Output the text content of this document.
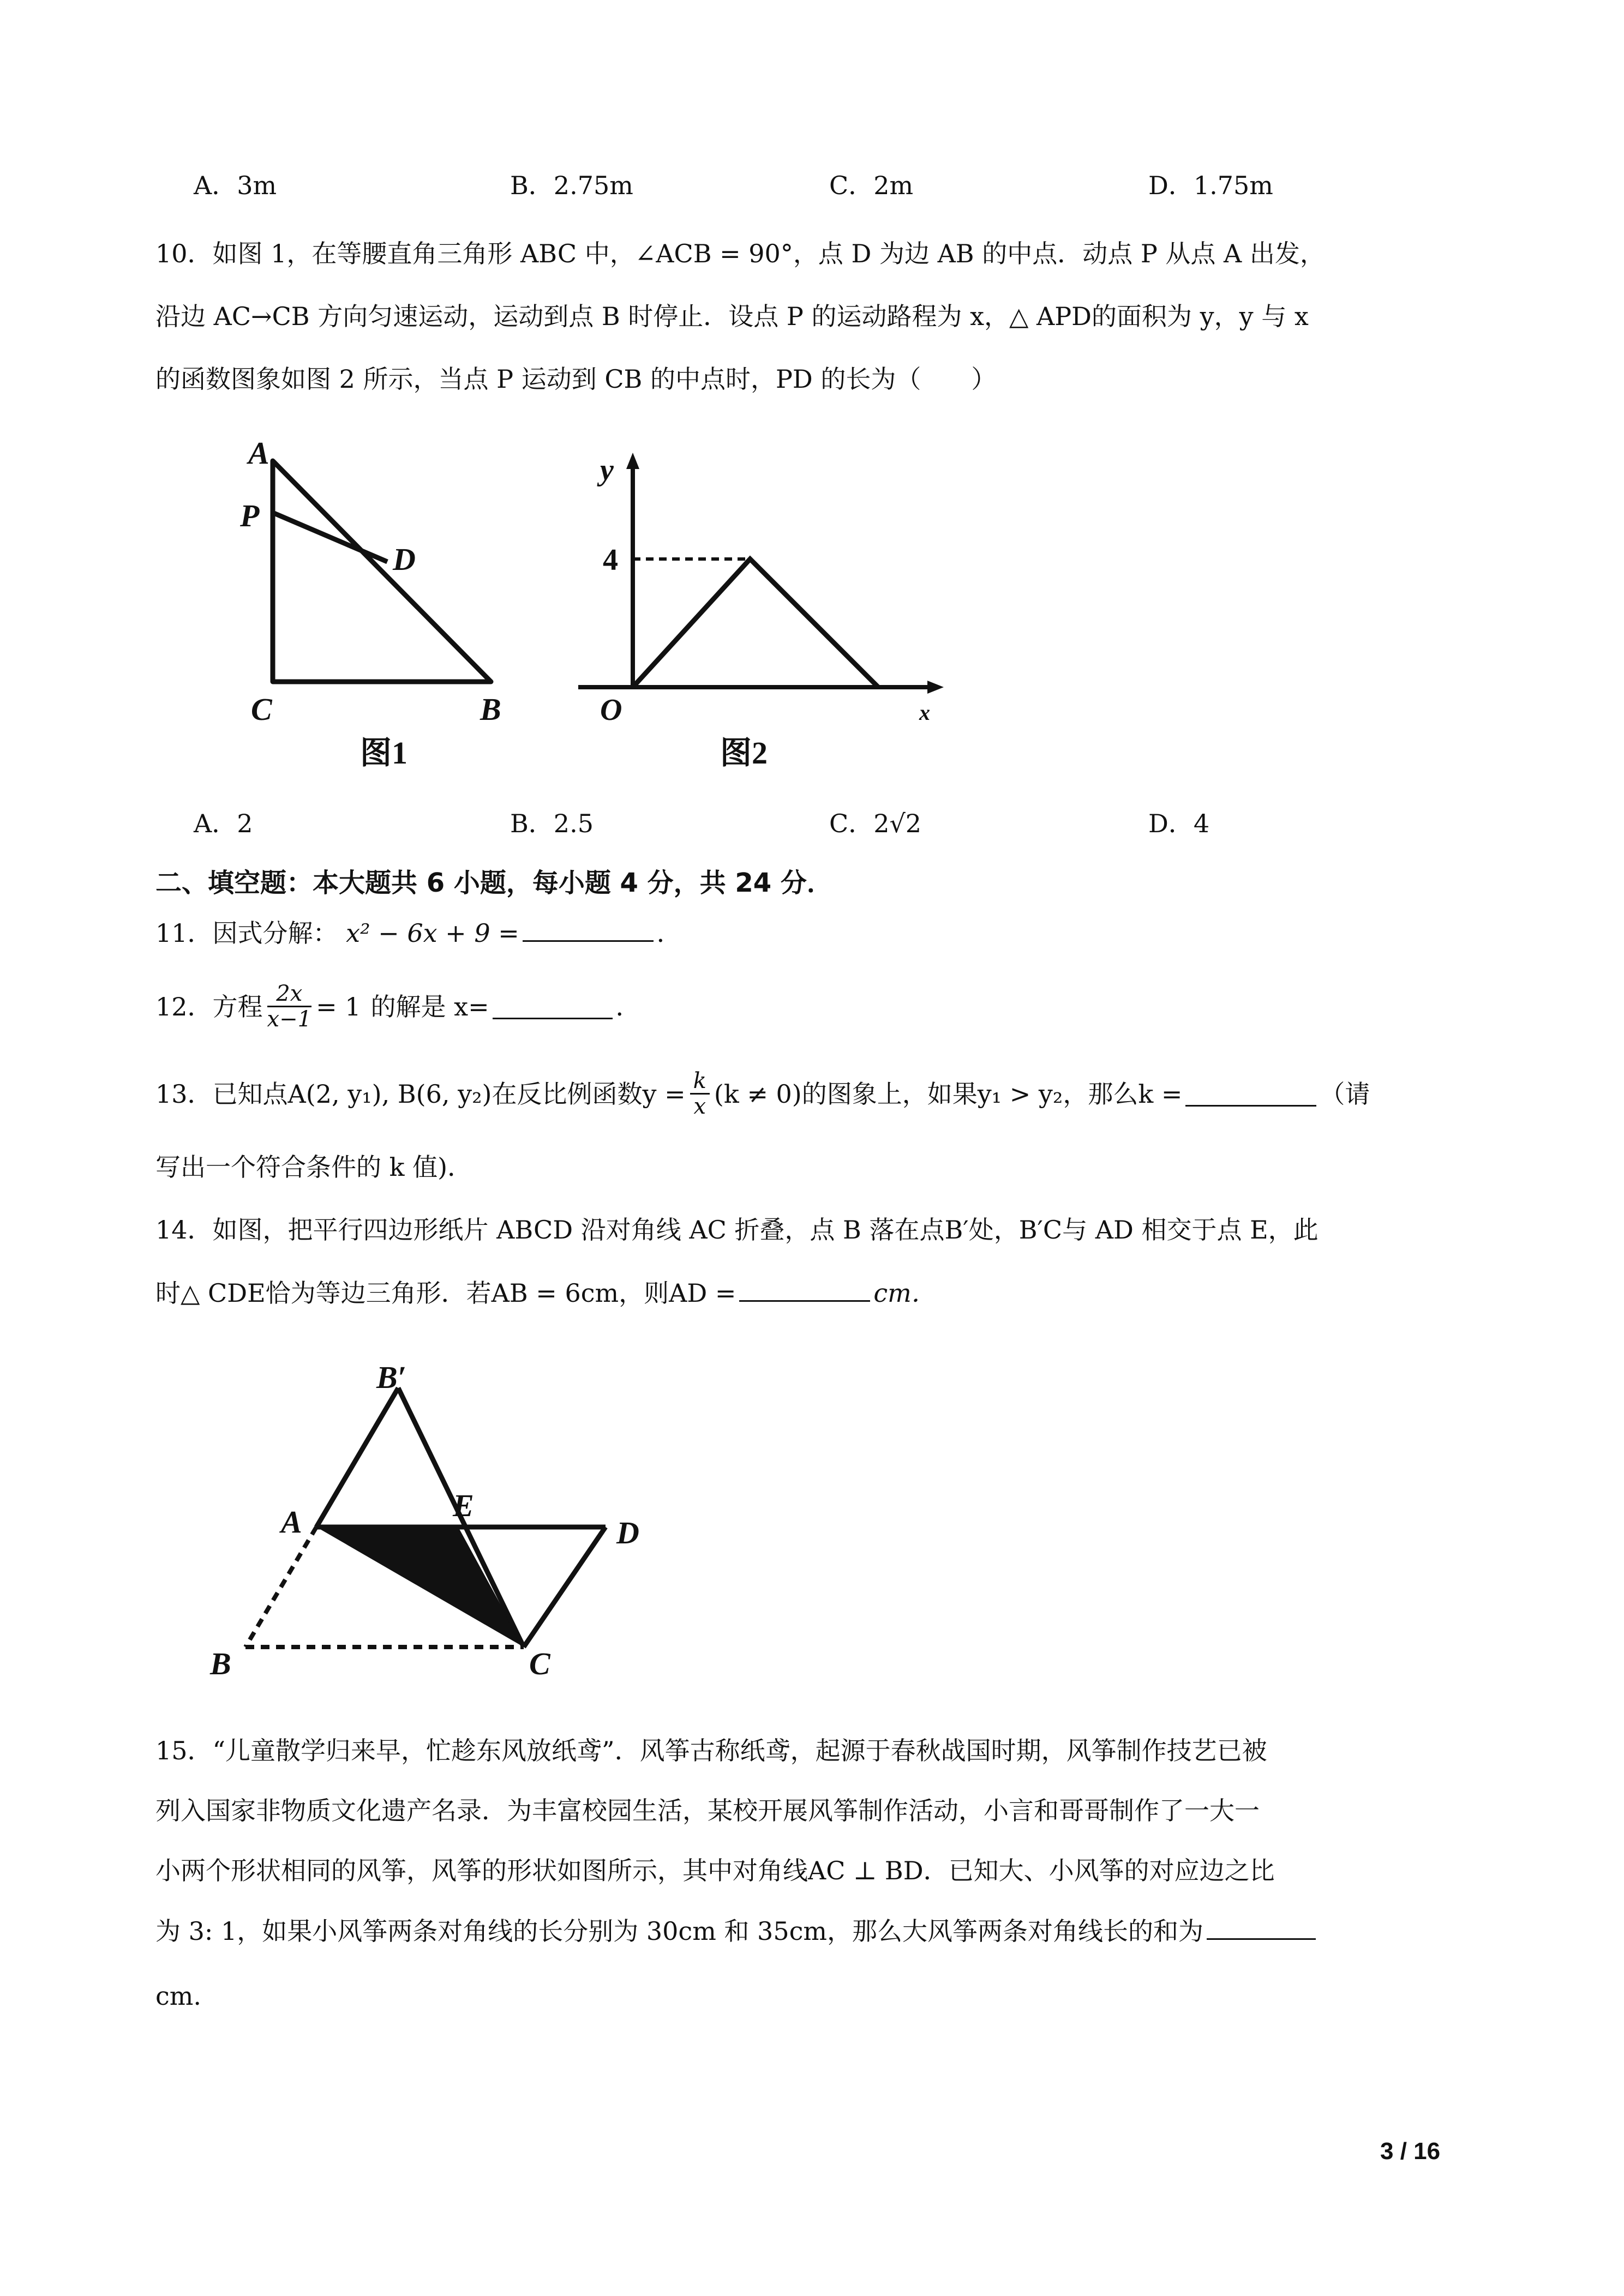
A．3m	B．2.75m	C．2m	D．1.75m
10．如图 1，在等腰直角三角形 ABC 中，∠ACB = 90°，点 D 为边 AB 的中点．动点 P 从点 A 出发，
沿边 AC→CB 方向匀速运动，运动到点 B 时停止．设点 P 的运动路程为 x，△ APD的面积为 y，y 与 x
的函数图象如图 2 所示，当点 P 运动到 CB 的中点时，PD 的长为（　　）
A
P
D
C	B
图1
y
4
O	x
图2
A．2	B．2.5	C．2√2	D．4
二、填空题：本大题共 6 小题，每小题 4 分，共 24 分．
11．因式分解： x² − 6x + 9 =	．
12．方程 $\frac{2x}{x-1} = 1$ 的解是 x=	．
13．已知点A(2, y₁), B(6, y₂)在反比例函数$y = \frac{k}{x} (k \ne 0)$的图象上，如果y₁ > y₂，那么k =	（请
写出一个符合条件的 k 值)．
14．如图，把平行四边形纸片 ABCD 沿对角线 AC 折叠，点 B 落在点B′处，B′C与 AD 相交于点 E，此
时△ CDE恰为等边三角形．若AB = 6cm，则AD =	cm．
B′
A	E
D
B	C
15．“儿童散学归来早，忙趁东风放纸鸢”．风筝古称纸鸢，起源于春秋战国时期，风筝制作技艺已被
列入国家非物质文化遗产名录．为丰富校园生活，某校开展风筝制作活动，小言和哥哥制作了一大一
小两个形状相同的风筝，风筝的形状如图所示，其中对角线AC ⊥ BD．已知大、小风筝的对应边之比
为 3: 1，如果小风筝两条对角线的长分别为 30cm 和 35cm，那么大风筝两条对角线长的和为
cm.
3 / 16
